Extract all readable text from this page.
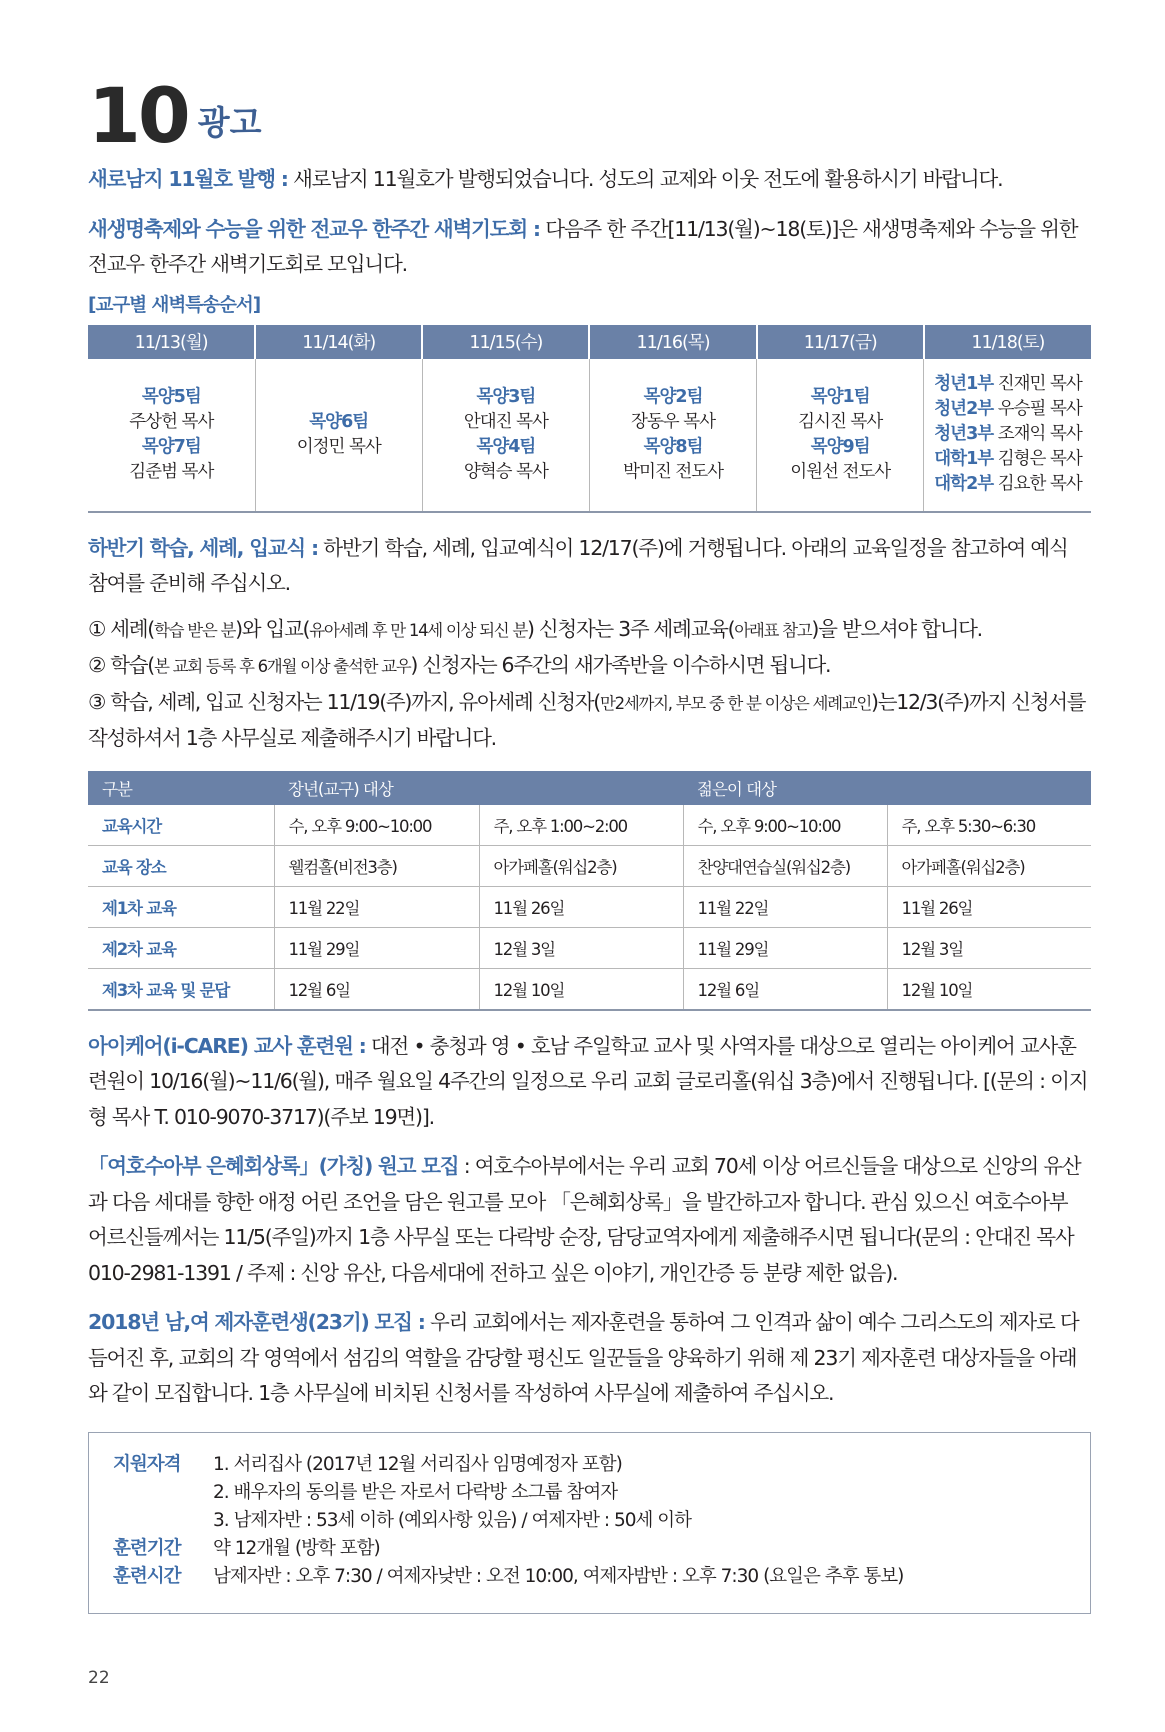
10 광고

새로남지 11월호 발행 : 새로남지 11월호가 발행되었습니다. 성도의 교제와 이웃 전도에 활용하시기 바랍니다.

새생명축제와 수능을 위한 전교우 한주간 새벽기도회 : 다음주 한 주간[11/13(월)~18(토)]은 새생명축제와 수능을 위한 전교우 한주간 새벽기도회로 모입니다.

[교구별 새벽특송순서]
11/13(월)	11/14(화)	11/15(수)	11/16(목)	11/17(금)	11/18(토)

목양5팀
주상헌 목사
목양7팀
김준범 목사	목양6팀
이정민 목사	목양3팀
안대진 목사
목양4팀
양혁승 목사	목양2팀
장동우 목사
목양8팀
박미진 전도사	목양1팀
김시진 목사
목양9팀
이원선 전도사	청년1부 진재민 목사
청년2부 우승필 목사
청년3부 조재익 목사
대학1부 김형은 목사
대학2부 김요한 목사

하반기 학습, 세례, 입교식 : 하반기 학습, 세례, 입교예식이 12/17(주)에 거행됩니다. 아래의 교육일정을 참고하여 예식 참여를 준비해 주십시오.

① 세례(학습 받은 분)와 입교(유아세례 후 만 14세 이상 되신 분) 신청자는 3주 세례교육(아래표 참고)을 받으셔야 합니다.
② 학습(본 교회 등록 후 6개월 이상 출석한 교우) 신청자는 6주간의 새가족반을 이수하시면 됩니다.
③ 학습, 세례, 입교 신청자는 11/19(주)까지, 유아세례 신청자(만2세까지, 부모 중 한 분 이상은 세례교인)는12/3(주)까지 신청서를 작성하셔서 1층 사무실로 제출해주시기 바랍니다.
구분	장년(교구) 대상		젊은이 대상	
교육시간	수, 오후 9:00~10:00	주, 오후 1:00~2:00	수, 오후 9:00~10:00	주, 오후 5:30~6:30
교육 장소	웰컴홀(비전3층)	아가페홀(워십2층)	찬양대연습실(워십2층)	아가페홀(워십2층)
제1차 교육	11월 22일	11월 26일	11월 22일	11월 26일
제2차 교육	11월 29일	12월 3일	11월 29일	12월 3일
제3차 교육 및 문답	12월 6일	12월 10일	12월 6일	12월 10일

아이케어(i-CARE) 교사 훈련원 : 대전 • 충청과 영 • 호남 주일학교 교사 및 사역자를 대상으로 열리는 아이케어 교사훈련원이 10/16(월)~11/6(월), 매주 월요일 4주간의 일정으로 우리 교회 글로리홀(워십 3층)에서 진행됩니다. [(문의 : 이지형 목사 T. 010-9070-3717)(주보 19면)].

「여호수아부 은혜회상록」(가칭) 원고 모집 : 여호수아부에서는 우리 교회 70세 이상 어르신들을 대상으로 신앙의 유산과 다음 세대를 향한 애정 어린 조언을 담은 원고를 모아 「은혜회상록」을 발간하고자 합니다. 관심 있으신 여호수아부 어르신들께서는 11/5(주일)까지 1층 사무실 또는 다락방 순장, 담당교역자에게 제출해주시면 됩니다(문의 : 안대진 목사 010-2981-1391 / 주제 : 신앙 유산, 다음세대에 전하고 싶은 이야기, 개인간증 등 분량 제한 없음).

2018년 남,여 제자훈련생(23기) 모집 : 우리 교회에서는 제자훈련을 통하여 그 인격과 삶이 예수 그리스도의 제자로 다듬어진 후, 교회의 각 영역에서 섬김의 역할을 감당할 평신도 일꾼들을 양육하기 위해 제 23기 제자훈련 대상자들을 아래와 같이 모집합니다. 1층 사무실에 비치된 신청서를 작성하여 사무실에 제출하여 주십시오.

지원자격	1. 서리집사 (2017년 12월 서리집사 임명예정자 포함)
2. 배우자의 동의를 받은 자로서 다락방 소그룹 참여자
3. 남제자반 : 53세 이하 (예외사항 있음) / 여제자반 : 50세 이하
훈련기간	약 12개월 (방학 포함)
훈련시간	남제자반 : 오후 7:30 / 여제자낮반 : 오전 10:00, 여제자밤반 : 오후 7:30 (요일은 추후 통보)
22
